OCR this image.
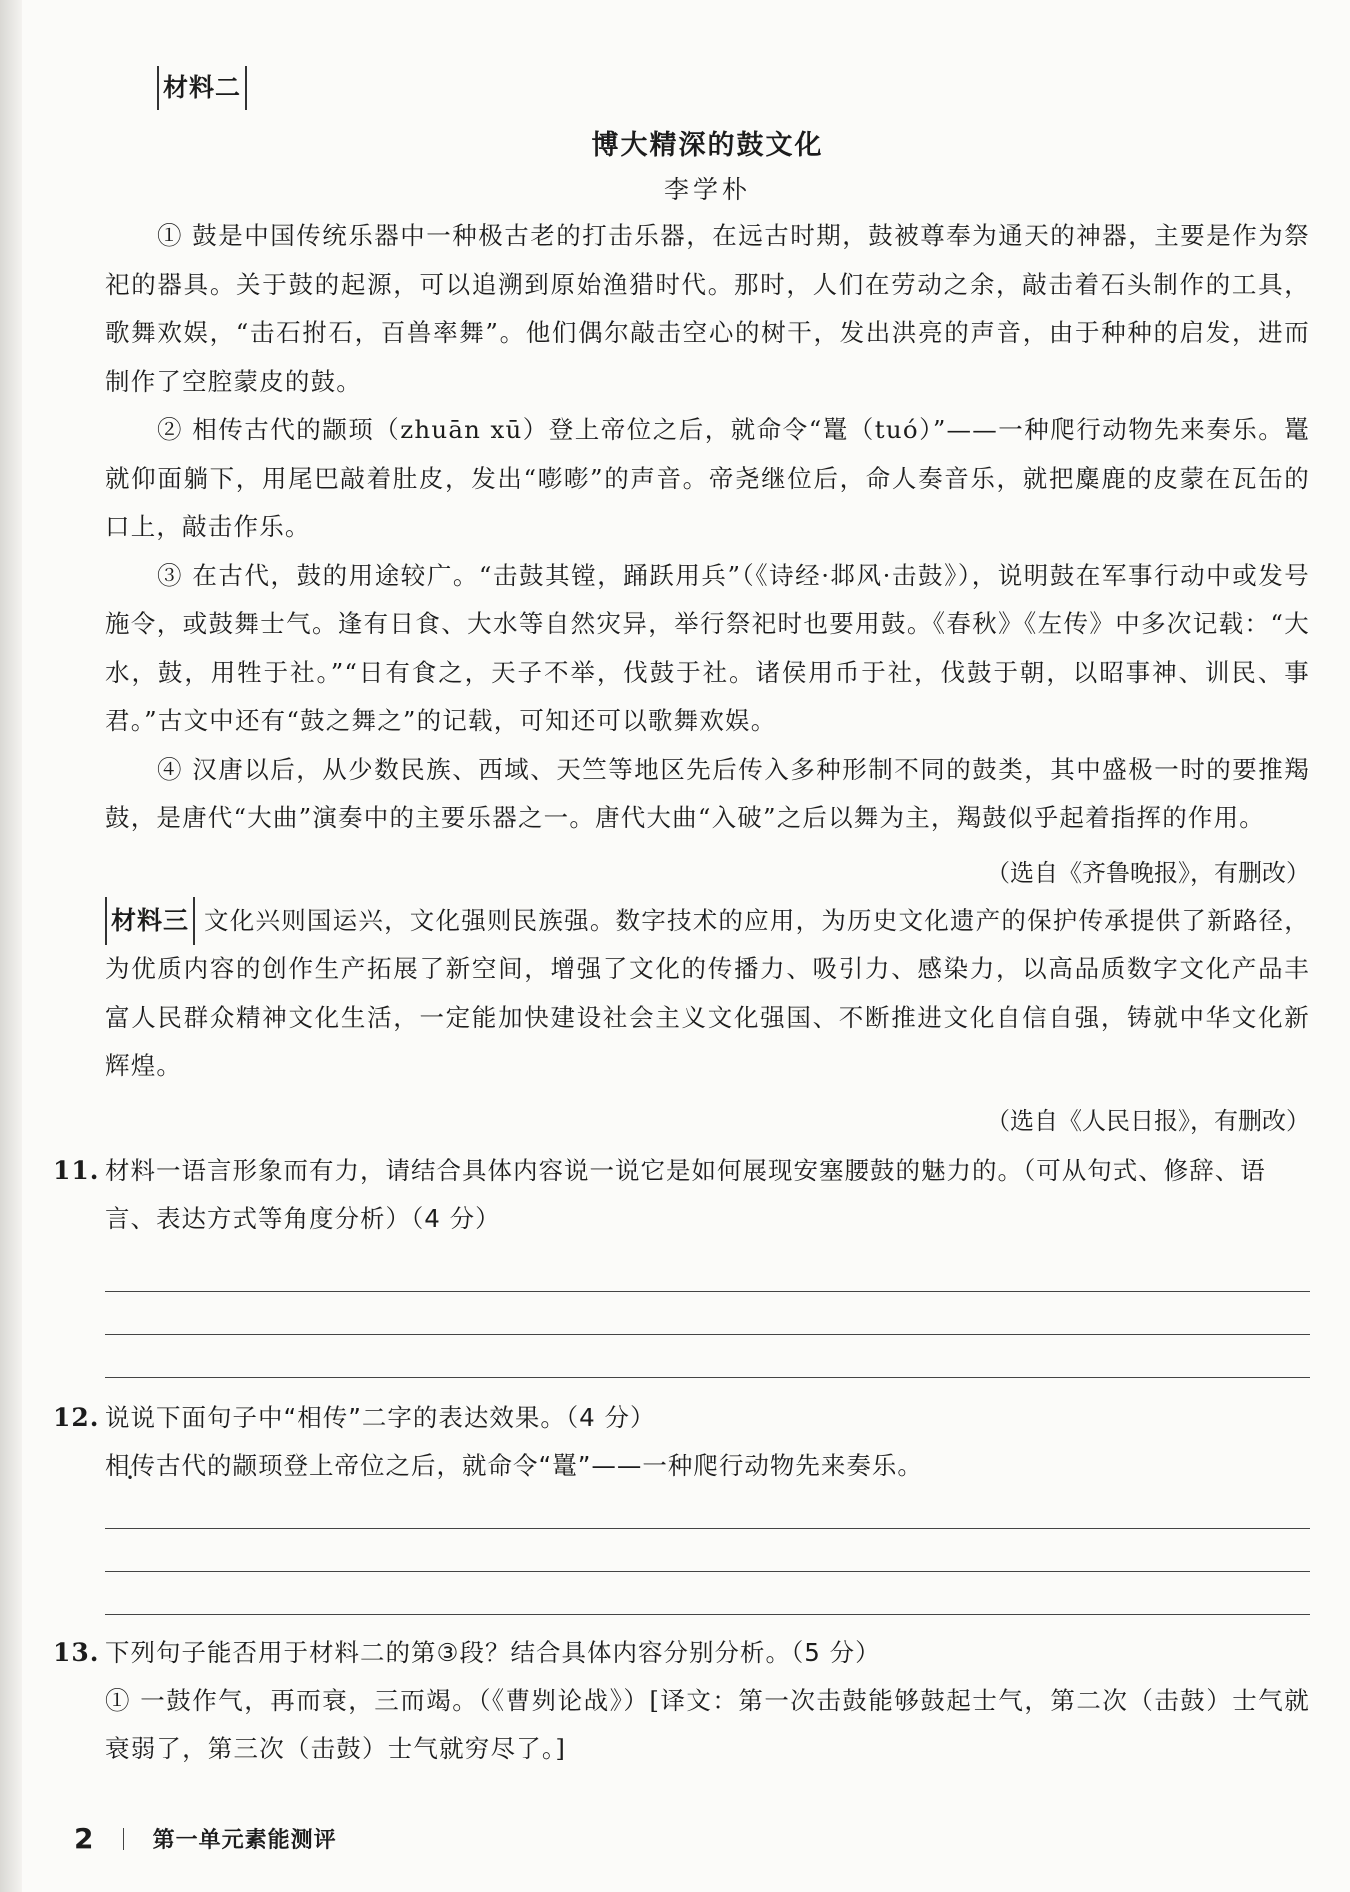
材料二
博大精深的鼓文化
李学朴

① 鼓是中国传统乐器中一种极古老的打击乐器，在远古时期，鼓被尊奉为通天的神器，主要是作为祭祀的器具。关于鼓的起源，可以追溯到原始渔猎时代。那时，人们在劳动之余，敲击着石头制作的工具，歌舞欢娱，“击石拊石，百兽率舞”。他们偶尔敲击空心的树干，发出洪亮的声音，由于种种的启发，进而制作了空腔蒙皮的鼓。

② 相传古代的颛顼（zhuān xū）登上帝位之后，就命令“鼍（tuó）”——一种爬行动物先来奏乐。鼍就仰面躺下，用尾巴敲着肚皮，发出“嘭嘭”的声音。帝尧继位后，命人奏音乐，就把麋鹿的皮蒙在瓦缶的口上，敲击作乐。

③ 在古代，鼓的用途较广。“击鼓其镗，踊跃用兵”（《诗经·邶风·击鼓》），说明鼓在军事行动中或发号施令，或鼓舞士气。逢有日食、大水等自然灾异，举行祭祀时也要用鼓。《春秋》《左传》中多次记载：“大水，鼓，用牲于社。”“日有食之，天子不举，伐鼓于社。诸侯用币于社，伐鼓于朝，以昭事神、训民、事君。”古文中还有“鼓之舞之”的记载，可知还可以歌舞欢娱。

④ 汉唐以后，从少数民族、西域、天竺等地区先后传入多种形制不同的鼓类，其中盛极一时的要推羯鼓，是唐代“大曲”演奏中的主要乐器之一。唐代大曲“入破”之后以舞为主，羯鼓似乎起着指挥的作用。

（选自《齐鲁晚报》，有删改）

材料三 文化兴则国运兴，文化强则民族强。数字技术的应用，为历史文化遗产的保护传承提供了新路径，为优质内容的创作生产拓展了新空间，增强了文化的传播力、吸引力、感染力，以高品质数字文化产品丰富人民群众精神文化生活，一定能加快建设社会主义文化强国、不断推进文化自信自强，铸就中华文化新辉煌。

（选自《人民日报》，有删改）
11. 材料一语言形象而有力，请结合具体内容说一说它是如何展现安塞腰鼓的魅力的。（可从句式、修辞、语言、表达方式等角度分析）（4 分）
12. 说说下面句子中“相传”二字的表达效果。（4 分）
相传古代的颛顼登上帝位之后，就命令“鼍”——一种爬行动物先来奏乐。
13. 下列句子能否用于材料二的第③段？结合具体内容分别分析。（5 分）

① 一鼓作气，再而衰，三而竭。（《曹刿论战》）[译文：第一次击鼓能够鼓起士气，第二次（击鼓）士气就衰弱了，第三次（击鼓）士气就穷尽了。]

2	第一单元素能测评
